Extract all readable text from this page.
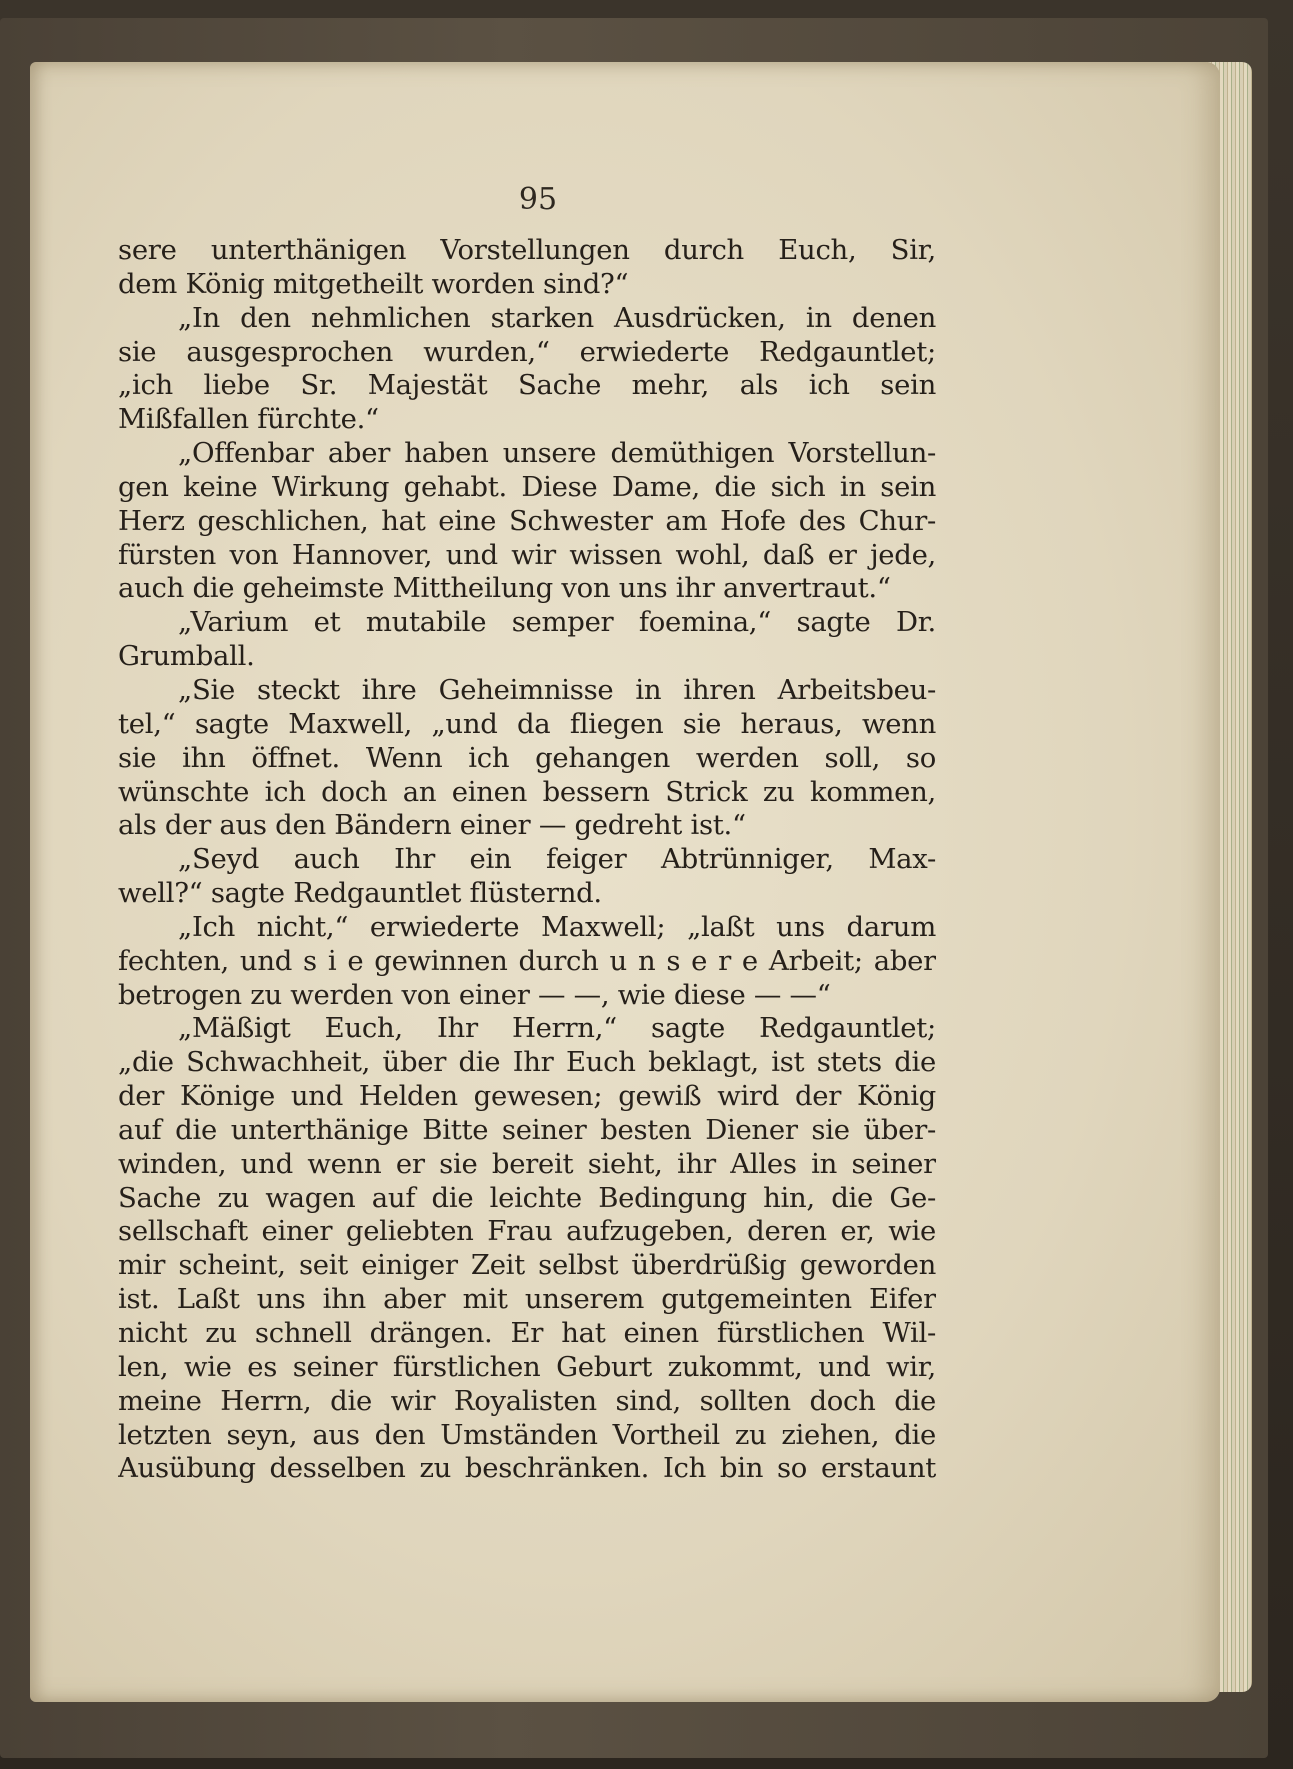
95
sere unterthänigen Vorstellungen durch Euch, Sir,
dem König mitgetheilt worden sind?“
„In den nehmlichen starken Ausdrücken, in denen
sie ausgesprochen wurden,“ erwiederte Redgauntlet;
„ich liebe Sr. Majestät Sache mehr, als ich sein
Mißfallen fürchte.“
„Offenbar aber haben unsere demüthigen Vorstellun-
gen keine Wirkung gehabt. Diese Dame, die sich in sein
Herz geschlichen, hat eine Schwester am Hofe des Chur-
fürsten von Hannover, und wir wissen wohl, daß er jede,
auch die geheimste Mittheilung von uns ihr anvertraut.“
„Varium et mutabile semper foemina,“ sagte Dr.
Grumball.
„Sie steckt ihre Geheimnisse in ihren Arbeitsbeu-
tel,“ sagte Maxwell, „und da fliegen sie heraus, wenn
sie ihn öffnet. Wenn ich gehangen werden soll, so
wünschte ich doch an einen bessern Strick zu kommen,
als der aus den Bändern einer — gedreht ist.“
„Seyd auch Ihr ein feiger Abtrünniger, Max-
well?“ sagte Redgauntlet flüsternd.
„Ich nicht,“ erwiederte Maxwell; „laßt uns darum
fechten, und s i e gewinnen durch u n s e r e Arbeit; aber
betrogen zu werden von einer — —, wie diese — —“
„Mäßigt Euch, Ihr Herrn,“ sagte Redgauntlet;
„die Schwachheit, über die Ihr Euch beklagt, ist stets die
der Könige und Helden gewesen; gewiß wird der König
auf die unterthänige Bitte seiner besten Diener sie über-
winden, und wenn er sie bereit sieht, ihr Alles in seiner
Sache zu wagen auf die leichte Bedingung hin, die Ge-
sellschaft einer geliebten Frau aufzugeben, deren er, wie
mir scheint, seit einiger Zeit selbst überdrüßig geworden
ist. Laßt uns ihn aber mit unserem gutgemeinten Eifer
nicht zu schnell drängen. Er hat einen fürstlichen Wil-
len, wie es seiner fürstlichen Geburt zukommt, und wir,
meine Herrn, die wir Royalisten sind, sollten doch die
letzten seyn, aus den Umständen Vortheil zu ziehen, die
Ausübung desselben zu beschränken. Ich bin so erstaunt
